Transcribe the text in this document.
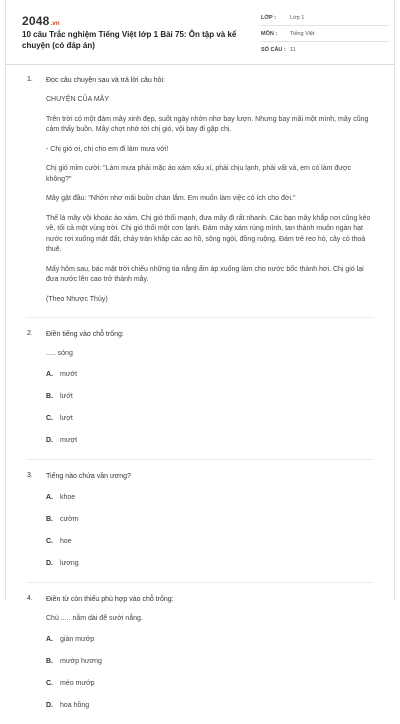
2048.vn
10 câu Trắc nghiệm Tiếng Việt lớp 1 Bài 75: Ôn tập và kể chuyện (có đáp án)
LỚP :	Lớp 1
MÔN :	Tiếng Việt
SỐ CÂU : 11
1. Đọc câu chuyện sau và trả lời câu hỏi:
CHUYỆN CỦA MÂY
Trên trời có một đám mây xinh đẹp, suốt ngày nhởn nhơ bay lượn. Nhưng bay mãi một mình, mây cũng cảm thấy buồn. Mây chợt nhớ tới chị gió, vội bay đi gặp chị.
- Chị gió ơi, chị cho em đi làm mưa với!
Chị gió mỉm cười: "Làm mưa phải mặc áo xám xấu xí, phải chịu lạnh, phải vất vả, em có làm được không?"
Mây gật đầu: "Nhởn nhơ mãi buồn chán lắm. Em muốn làm việc có ích cho đời."
Thế là mây vội khoác áo xám. Chị gió thổi mạnh, đưa mây đi rất nhanh. Các bạn mây khắp nơi cũng kéo về, tối cả một vùng trời. Chị gió thổi một cơn lạnh. Đám mây xám rùng mình, tan thành muôn ngàn hạt nước rơi xuống mặt đất, chảy tràn khắp các ao hồ, sông ngòi, đồng ruộng. Đám trẻ reo hò, cây cỏ thoả thuê.
Mấy hôm sau, bác mặt trời chiếu những tia nắng ấm áp xuống làm cho nước bốc thành hơi. Chị gió lại đưa nước lên cao trở thành mây.
(Theo Nhược Thủy)
2. Điền tiếng vào chỗ trống:
..... sóng
A.	mướt
B.	lướt
C.	lượt
D.	mượt
3. Tiếng nào chứa vần ương?
A.	khoe
B.	cườm
C.	hoe
D.	lương
4. Điền từ còn thiếu phù hợp vào chỗ trống:
Chú ..... nằm dài để sưởi nắng.
A.	giàn mướp
B.	mướp hương
C.	mèo mướp
D.	hoa hồng
